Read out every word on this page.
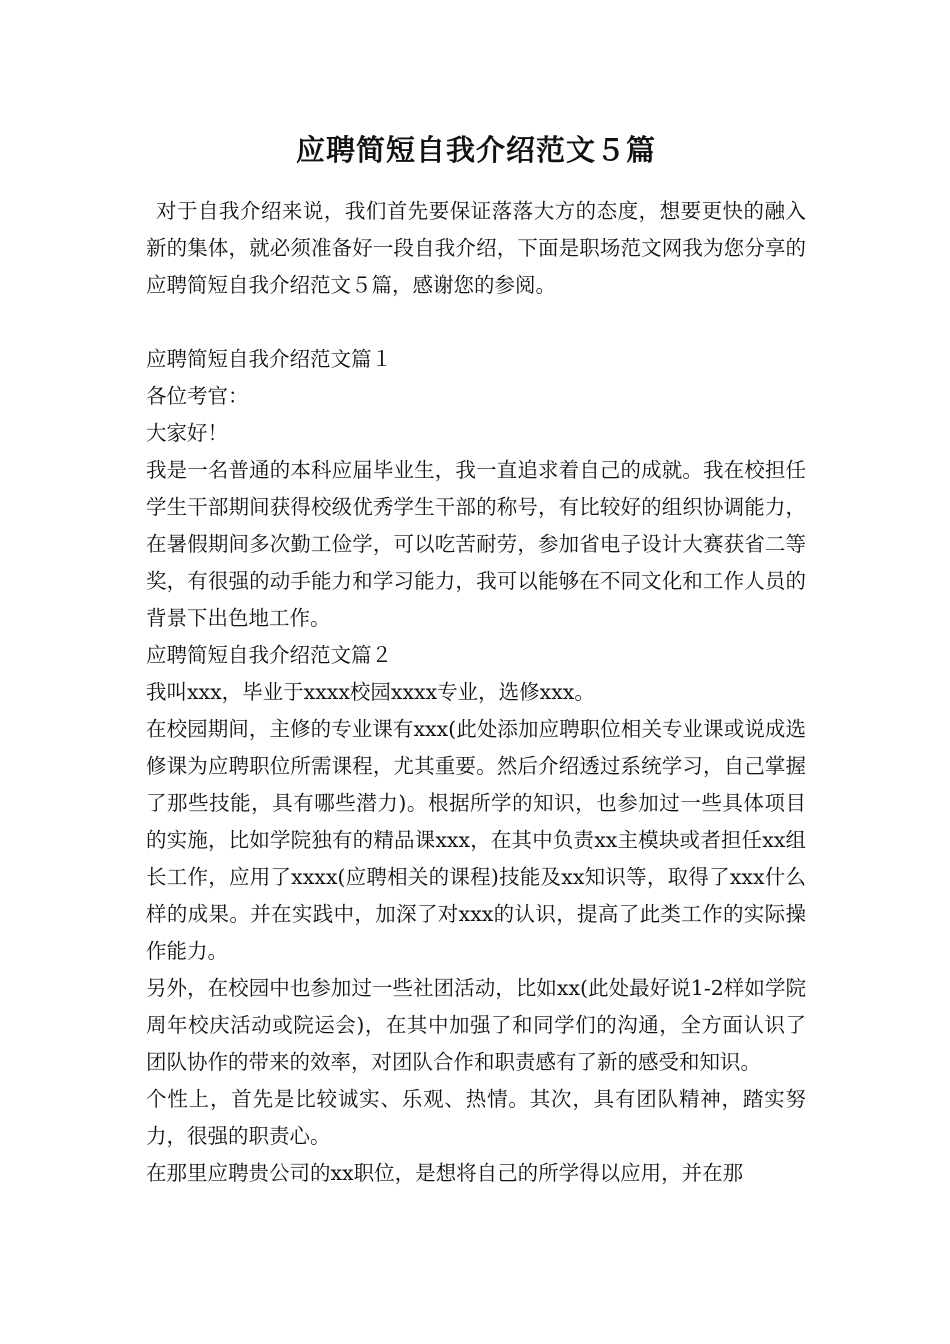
应聘简短自我介绍范文５篇

对于自我介绍来说，我们首先要保证落落大方的态度，想要更快的融入新的集体，就必须准备好一段自我介绍，下面是职场范文网我为您分享的应聘简短自我介绍范文５篇，感谢您的参阅。

应聘简短自我介绍范文篇１

各位考官：

大家好！

我是一名普通的本科应届毕业生，我一直追求着自己的成就。我在校担任学生干部期间获得校级优秀学生干部的称号，有比较好的组织协调能力，在暑假期间多次勤工俭学，可以吃苦耐劳，参加省电子设计大赛获省二等奖，有很强的动手能力和学习能力，我可以能够在不同文化和工作人员的背景下出色地工作。

应聘简短自我介绍范文篇２

我叫xxx，毕业于xxxx校园xxxx专业，选修xxx。

在校园期间，主修的专业课有xxx(此处添加应聘职位相关专业课或说成选修课为应聘职位所需课程，尤其重要。然后介绍透过系统学习，自己掌握了那些技能，具有哪些潜力)。根据所学的知识，也参加过一些具体项目的实施，比如学院独有的精品课xxx，在其中负责xx主模块或者担任xx组长工作，应用了xxxx(应聘相关的课程)技能及xx知识等，取得了xxx什么样的成果。并在实践中，加深了对xxx的认识，提高了此类工作的实际操作能力。

另外，在校园中也参加过一些社团活动，比如xx(此处最好说1-2样如学院周年校庆活动或院运会)，在其中加强了和同学们的沟通，全方面认识了团队协作的带来的效率，对团队合作和职责感有了新的感受和知识。

个性上，首先是比较诚实、乐观、热情。其次，具有团队精神，踏实努力，很强的职责心。

在那里应聘贵公司的xx职位，是想将自己的所学得以应用，并在那
